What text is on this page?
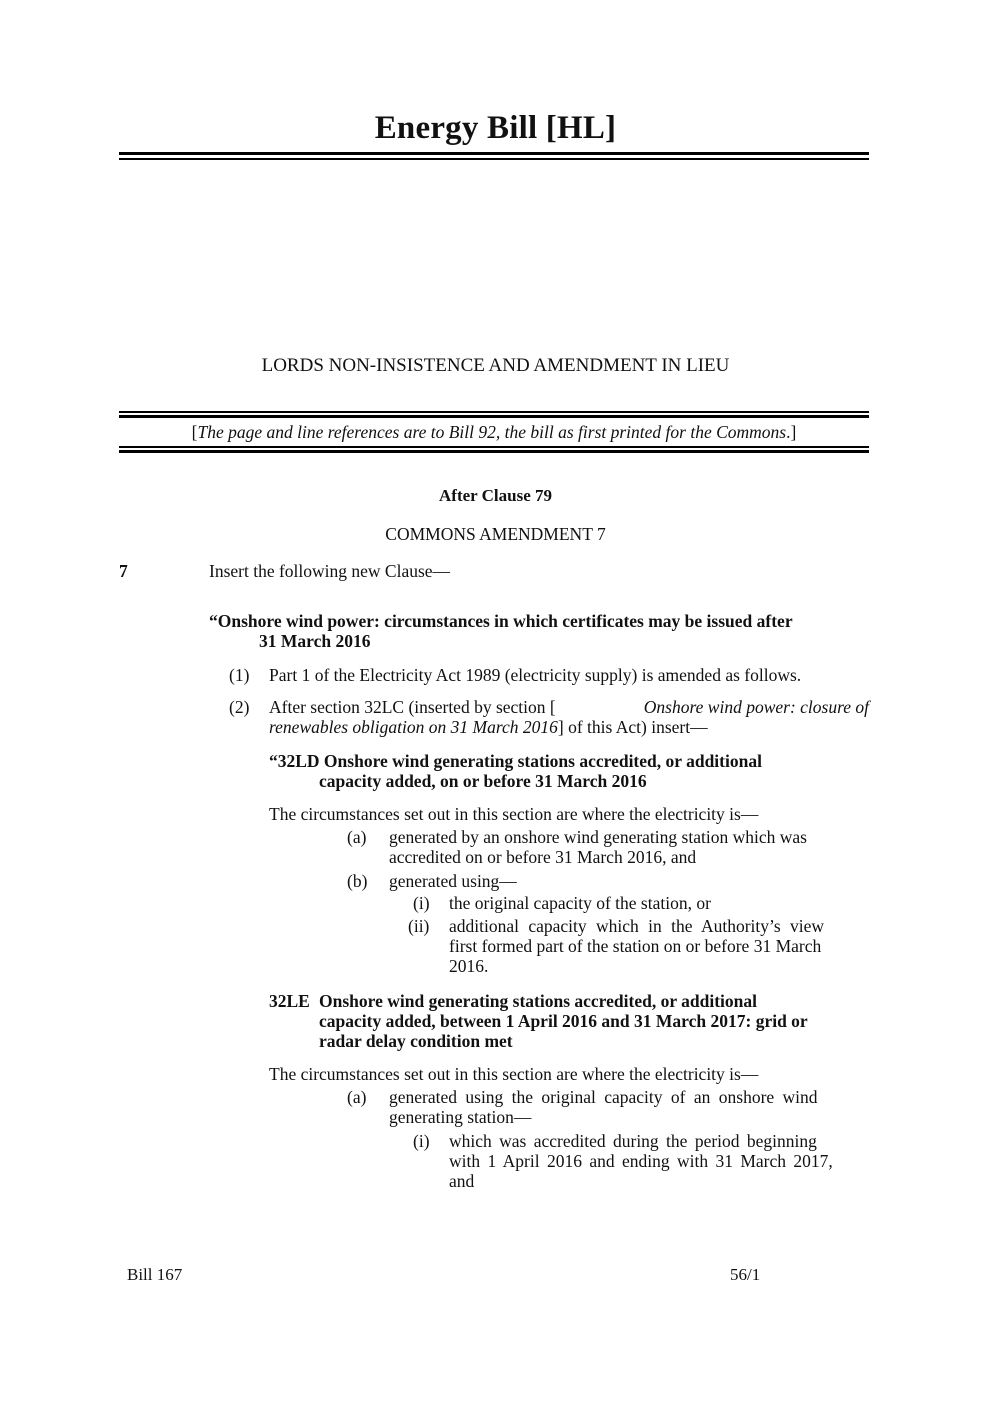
Energy Bill [HL]
LORDS NON-INSISTENCE AND AMENDMENT IN LIEU
[The page and line references are to Bill 92, the bill as first printed for the Commons.]
After Clause 79
COMMONS AMENDMENT 7
7	Insert the following new Clause—
“Onshore wind power: circumstances in which certificates may be issued after
31 March 2016
(1) Part 1 of the Electricity Act 1989 (electricity supply) is amended as follows.
(2) After section 32LC (inserted by section [	Onshore wind power: closure of
renewables obligation on 31 March 2016] of this Act) insert—
“32LD Onshore wind generating stations accredited, or additional
capacity added, on or before 31 March 2016
The circumstances set out in this section are where the electricity is—
(a) generated by an onshore wind generating station which was
accredited on or before 31 March 2016, and
(b) generated using—
(i) the original capacity of the station, or
(ii) additional capacity which in the Authority’s view
first formed part of the station on or before 31 March
2016.
32LE Onshore wind generating stations accredited, or additional
capacity added, between 1 April 2016 and 31 March 2017: grid or
radar delay condition met
The circumstances set out in this section are where the electricity is—
(a) generated using the original capacity of an onshore wind
generating station—
(i) which was accredited during the period beginning
with 1 April 2016 and ending with 31 March 2017,
and
Bill 167	56/1
